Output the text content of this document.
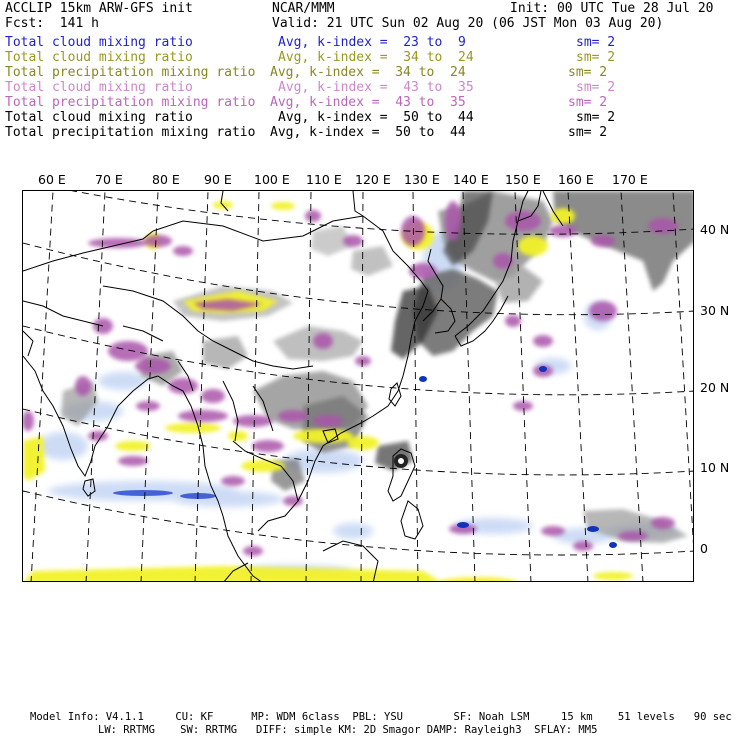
ACCLIP 15km ARW-GFS init	NCAR/MMM	Init: 00 UTC Tue 28 Jul 20
Fcst:  141 h	Valid: 21 UTC Sun 02 Aug 20 (06 JST Mon 03 Aug 20)
Total cloud mixing ratio	Avg, k-index =  23 to  9	sm= 2
Total cloud mixing ratio	Avg, k-index =  34 to  24	sm= 2
Total precipitation mixing ratio Avg, k-index =  34 to  24	sm= 2
Total cloud mixing ratio	Avg, k-index =  43 to  35	sm= 2
Total precipitation mixing ratio Avg, k-index =  43 to  35	sm= 2
Total cloud mixing ratio	Avg, k-index =  50 to  44	sm= 2
Total precipitation mixing ratio Avg, k-index =  50 to  44	sm= 2
60 E 70 E 80 E 90 E 100 E 110 E 120 E 130 E 140 E 150 E 160 E 170 E
40 N
30 N
20 N
10 N
0
Model Info: V4.1.1     CU: KF      MP: WDM 6class  PBL: YSU        SF: Noah LSM     15 km    51 levels   90 sec
LW: RRTMG    SW: RRTMG   DIFF: simple KM: 2D Smagor DAMP: Rayleigh3  SFLAY: MM5
